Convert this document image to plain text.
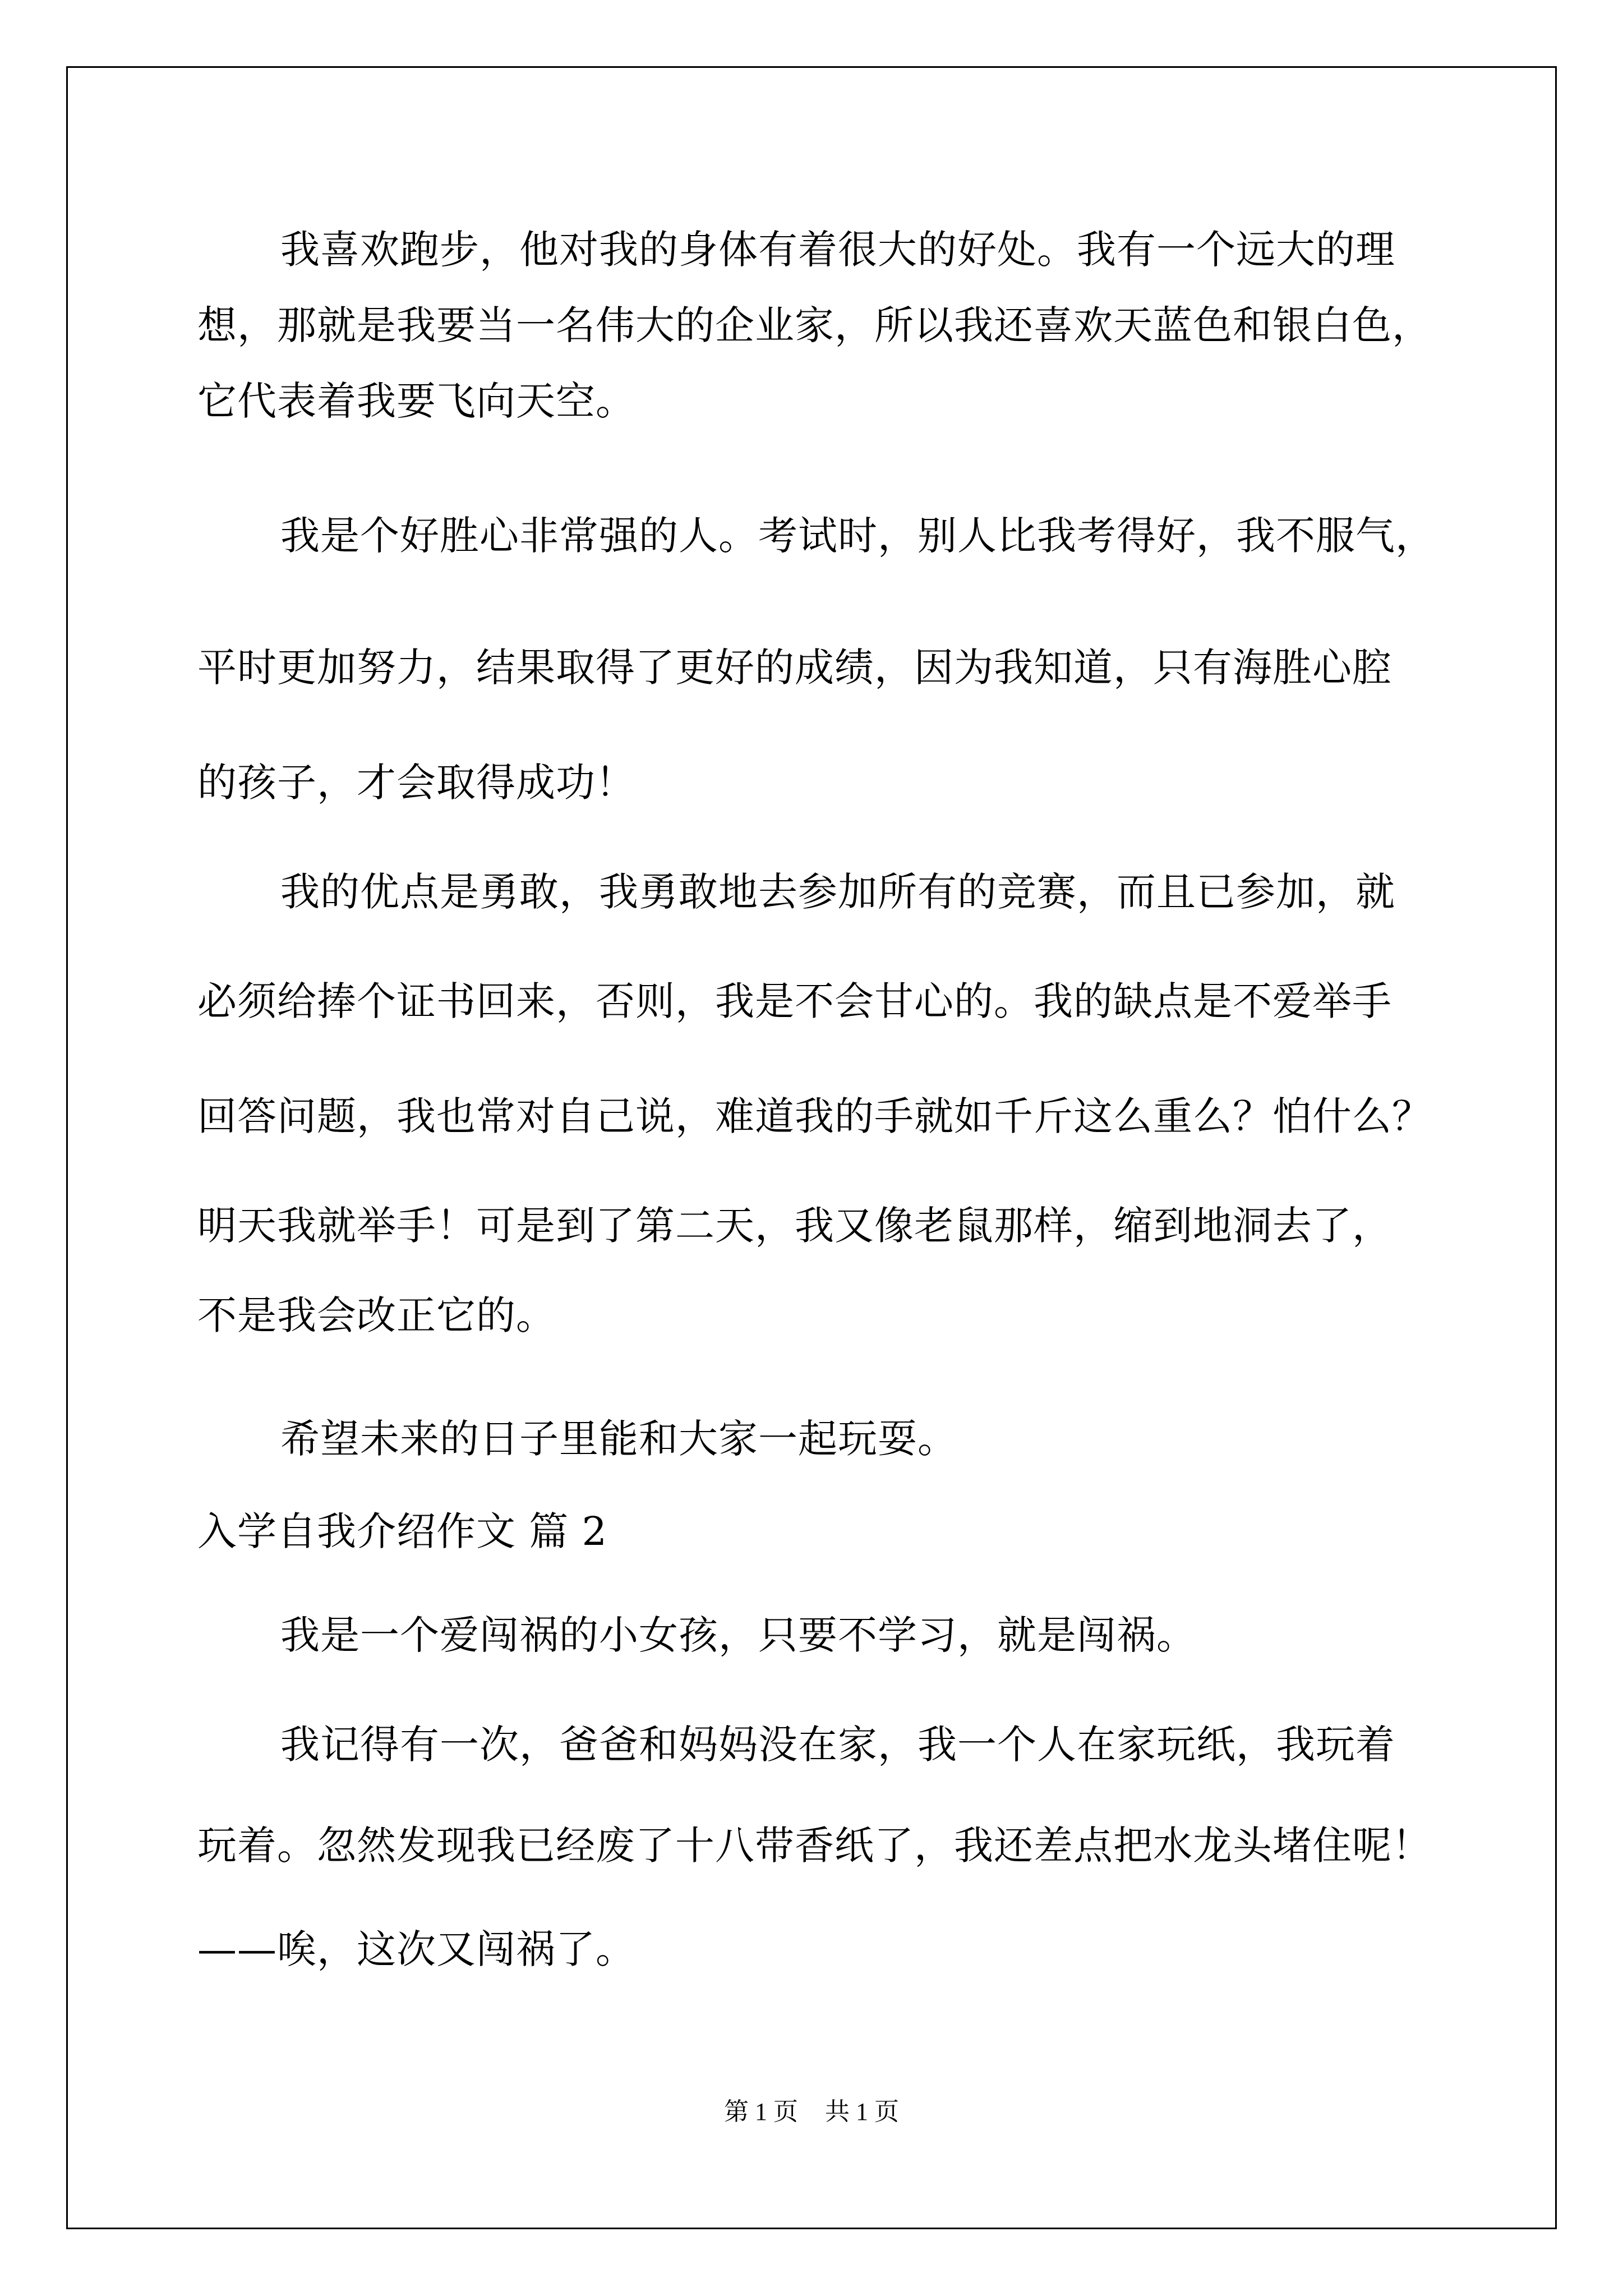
我喜欢跑步，他对我的身体有着很大的好处。我有一个远大的理
想，那就是我要当一名伟大的企业家，所以我还喜欢天蓝色和银白色，
它代表着我要飞向天空。
我是个好胜心非常强的人。考试时，别人比我考得好，我不服气，
平时更加努力，结果取得了更好的成绩，因为我知道，只有海胜心腔
的孩子，才会取得成功！
我的优点是勇敢，我勇敢地去参加所有的竞赛，而且已参加，就
必须给捧个证书回来，否则，我是不会甘心的。我的缺点是不爱举手
回答问题，我也常对自己说，难道我的手就如千斤这么重么？怕什么？
明天我就举手！可是到了第二天，我又像老鼠那样，缩到地洞去了，
不是我会改正它的。
希望未来的日子里能和大家一起玩耍。
入学自我介绍作文 篇 2
我是一个爱闯祸的小女孩，只要不学习，就是闯祸。
我记得有一次，爸爸和妈妈没在家，我一个人在家玩纸，我玩着
玩着。忽然发现我已经废了十八带香纸了，我还差点把水龙头堵住呢！
——唉，这次又闯祸了。
第 1 页 共 1 页
